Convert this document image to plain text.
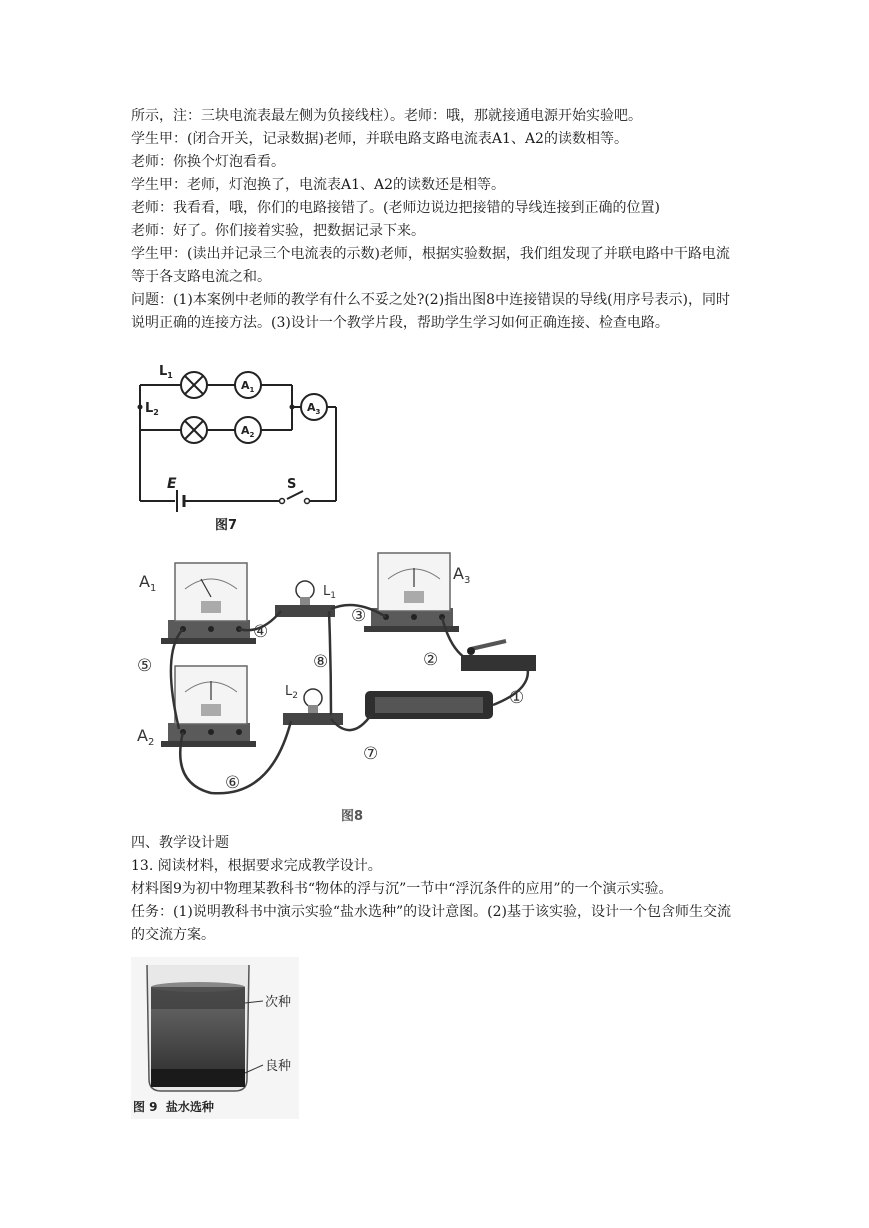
所示，注：三块电流表最左侧为负接线柱）。老师：哦，那就接通电源开始实验吧。

学生甲：(闭合开关，记录数据)老师，并联电路支路电流表A1、A2的读数相等。

老师：你换个灯泡看看。

学生甲：老师，灯泡换了，电流表A1、A2的读数还是相等。

老师：我看看，哦，你们的电路接错了。(老师边说边把接错的导线连接到正确的位置)

老师：好了。你们接着实验，把数据记录下来。

学生甲：(读出并记录三个电流表的示数)老师，根据实验数据，我们组发现了并联电路中干路电流等于各支路电流之和。

问题：(1)本案例中老师的教学有什么不妥之处?(2)指出图8中连接错误的导线(用序号表示)，同时说明正确的连接方法。(3)设计一个教学片段，帮助学生学习如何正确连接、检查电路。

$L_1$
$L_2$
$A_1$
$A_2$
$A_3$
E	S
图7
$A_1$
$A_2$
$A_3$
$L_1$
$L_2$	①
②
③
④
⑤
⑥
⑦
⑧
图8

四、教学设计题

13. 阅读材料，根据要求完成教学设计。

材料图9为初中物理某教科书“物体的浮与沉”一节中“浮沉条件的应用”的一个演示实验。

任务：(1)说明教科书中演示实验“盐水选种”的设计意图。(2)基于该实验，设计一个包含师生交流的交流方案。

次种
良种
图 9  盐水选种
